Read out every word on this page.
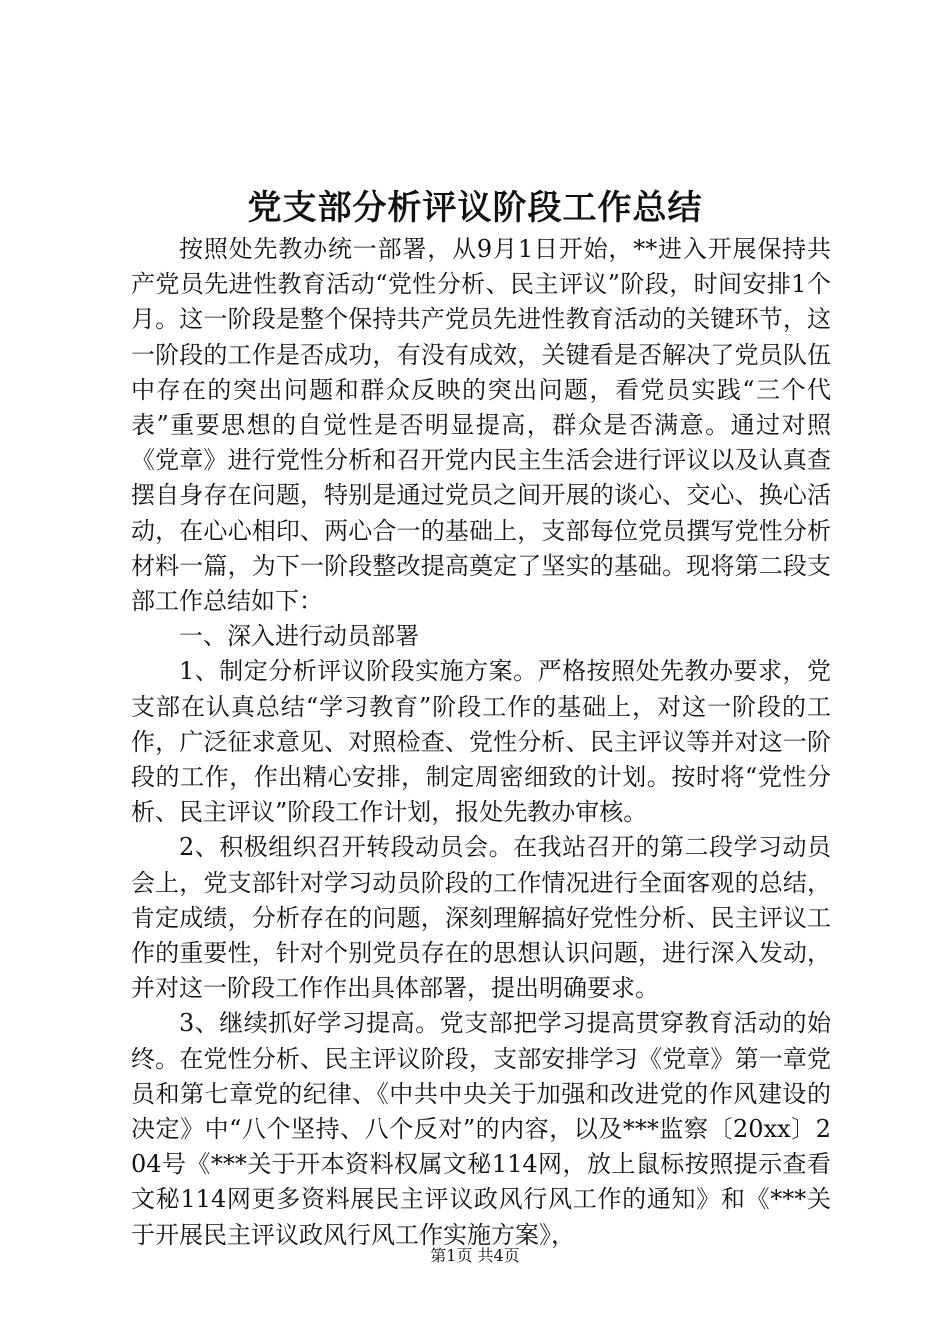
党支部分析评议阶段工作总结

按照处先教办统一部署，从9月1日开始，**进入开展保持共产党员先进性教育活动“党性分析、民主评议”阶段，时间安排1个月。这一阶段是整个保持共产党员先进性教育活动的关键环节，这一阶段的工作是否成功，有没有成效，关键看是否解决了党员队伍中存在的突出问题和群众反映的突出问题，看党员实践“三个代表”重要思想的自觉性是否明显提高，群众是否满意。通过对照《党章》进行党性分析和召开党内民主生活会进行评议以及认真查摆自身存在问题，特别是通过党员之间开展的谈心、交心、换心活动，在心心相印、两心合一的基础上，支部每位党员撰写党性分析材料一篇，为下一阶段整改提高奠定了坚实的基础。现将第二段支部工作总结如下：

一、深入进行动员部署

1、制定分析评议阶段实施方案。严格按照处先教办要求，党支部在认真总结“学习教育”阶段工作的基础上，对这一阶段的工作，广泛征求意见、对照检查、党性分析、民主评议等并对这一阶段的工作，作出精心安排，制定周密细致的计划。按时将“党性分析、民主评议”阶段工作计划，报处先教办审核。

2、积极组织召开转段动员会。在我站召开的第二段学习动员会上，党支部针对学习动员阶段的工作情况进行全面客观的总结，肯定成绩，分析存在的问题，深刻理解搞好党性分析、民主评议工作的重要性，针对个别党员存在的思想认识问题，进行深入发动，并对这一阶段工作作出具体部署，提出明确要求。

3、继续抓好学习提高。党支部把学习提高贯穿教育活动的始终。在党性分析、民主评议阶段，支部安排学习《党章》第一章党员和第七章党的纪律、《中共中央关于加强和改进党的作风建设的决定》中“八个坚持、八个反对”的内容，以及***监察〔20xx〕204号《***关于开本资料权属文秘114网，放上鼠标按照提示查看文秘114网更多资料展民主评议政风行风工作的通知》和《***关于开展民主评议政风行风工作实施方案》，

第1页 共4页
